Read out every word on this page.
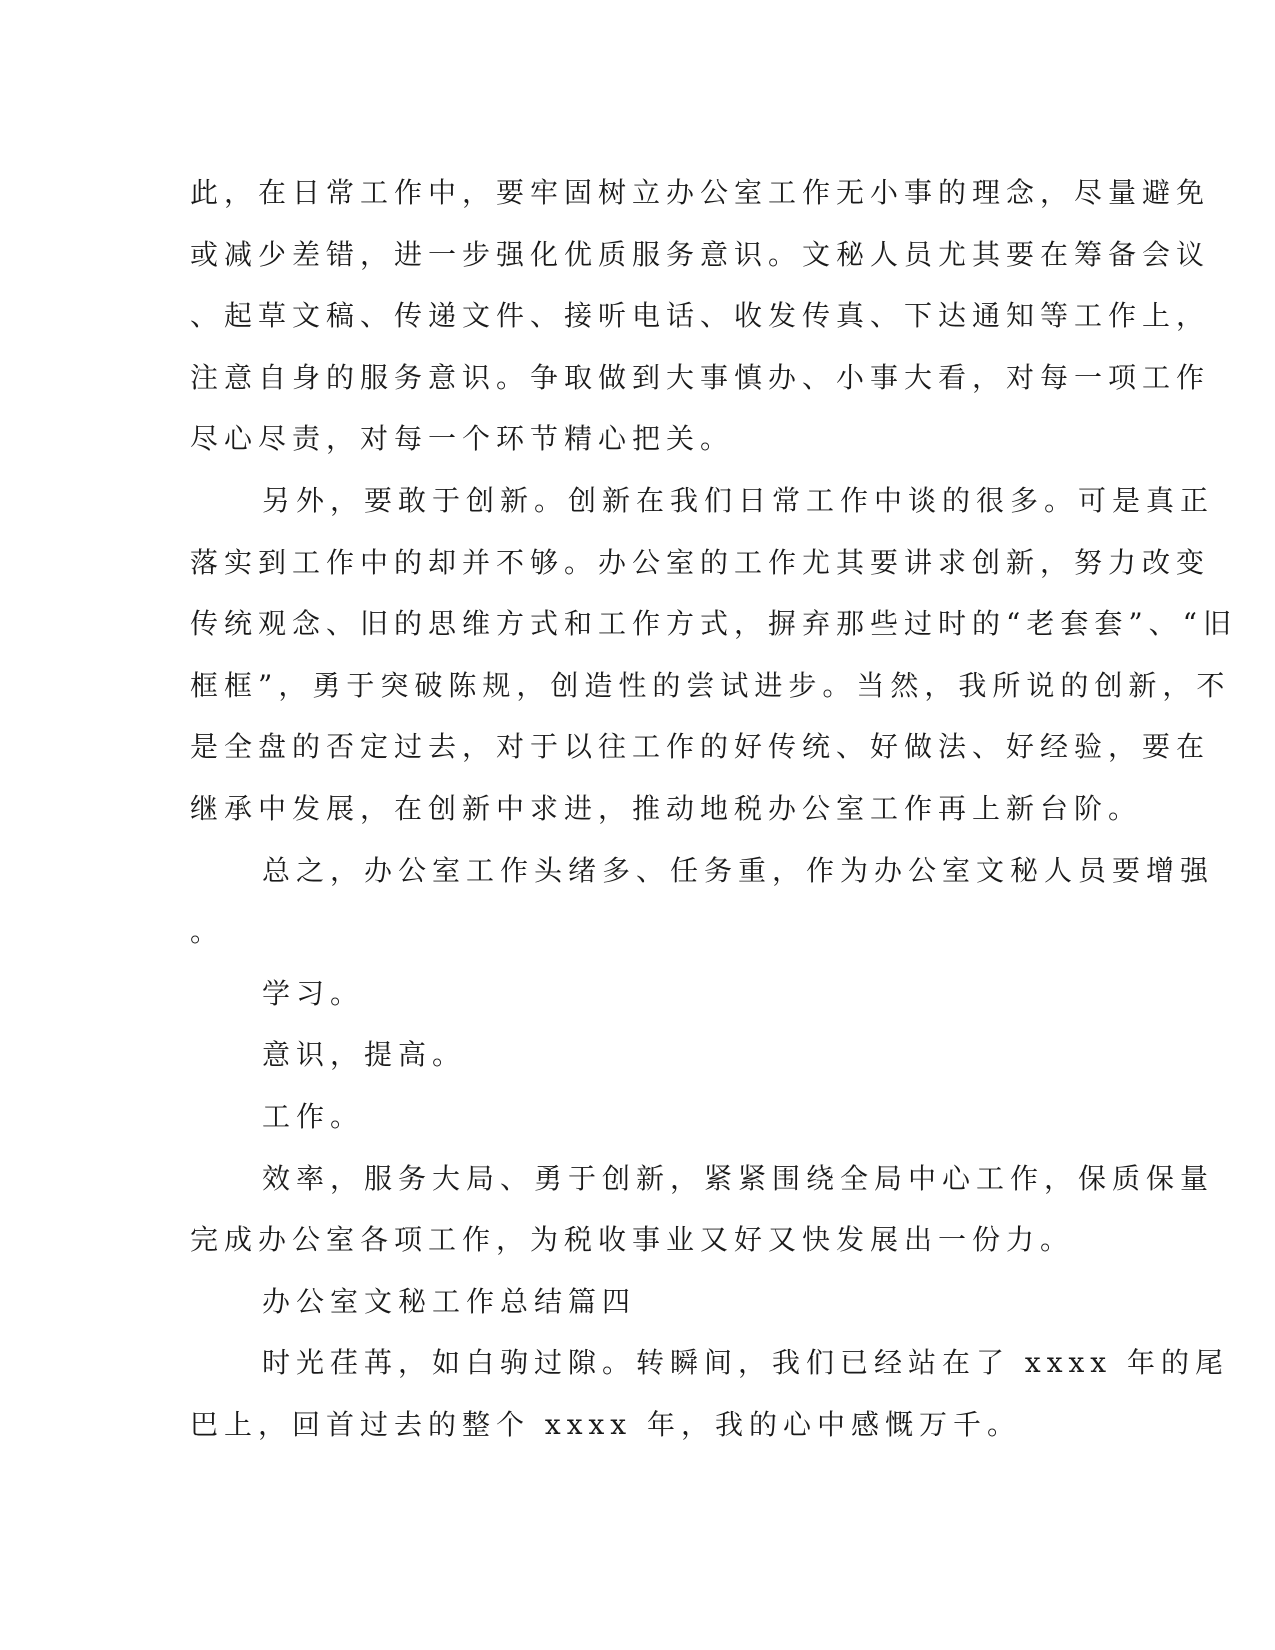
此，在日常工作中，要牢固树立办公室工作无小事的理念，尽量避免
或减少差错，进一步强化优质服务意识。文秘人员尤其要在筹备会议
、起草文稿、传递文件、接听电话、收发传真、下达通知等工作上，
注意自身的服务意识。争取做到大事慎办、小事大看，对每一项工作
尽心尽责，对每一个环节精心把关。
另外，要敢于创新。创新在我们日常工作中谈的很多。可是真正
落实到工作中的却并不够。办公室的工作尤其要讲求创新，努力改变
传统观念、旧的思维方式和工作方式，摒弃那些过时的“老套套”、“旧
框框”，勇于突破陈规，创造性的尝试进步。当然，我所说的创新，不
是全盘的否定过去，对于以往工作的好传统、好做法、好经验，要在
继承中发展，在创新中求进，推动地税办公室工作再上新台阶。
总之，办公室工作头绪多、任务重，作为办公室文秘人员要增强
。
学习。
意识，提高。
工作。
效率，服务大局、勇于创新，紧紧围绕全局中心工作，保质保量
完成办公室各项工作，为税收事业又好又快发展出一份力。
办公室文秘工作总结篇四
时光荏苒，如白驹过隙。转瞬间，我们已经站在了 xxxx 年的尾
巴上，回首过去的整个 xxxx 年，我的心中感慨万千。
